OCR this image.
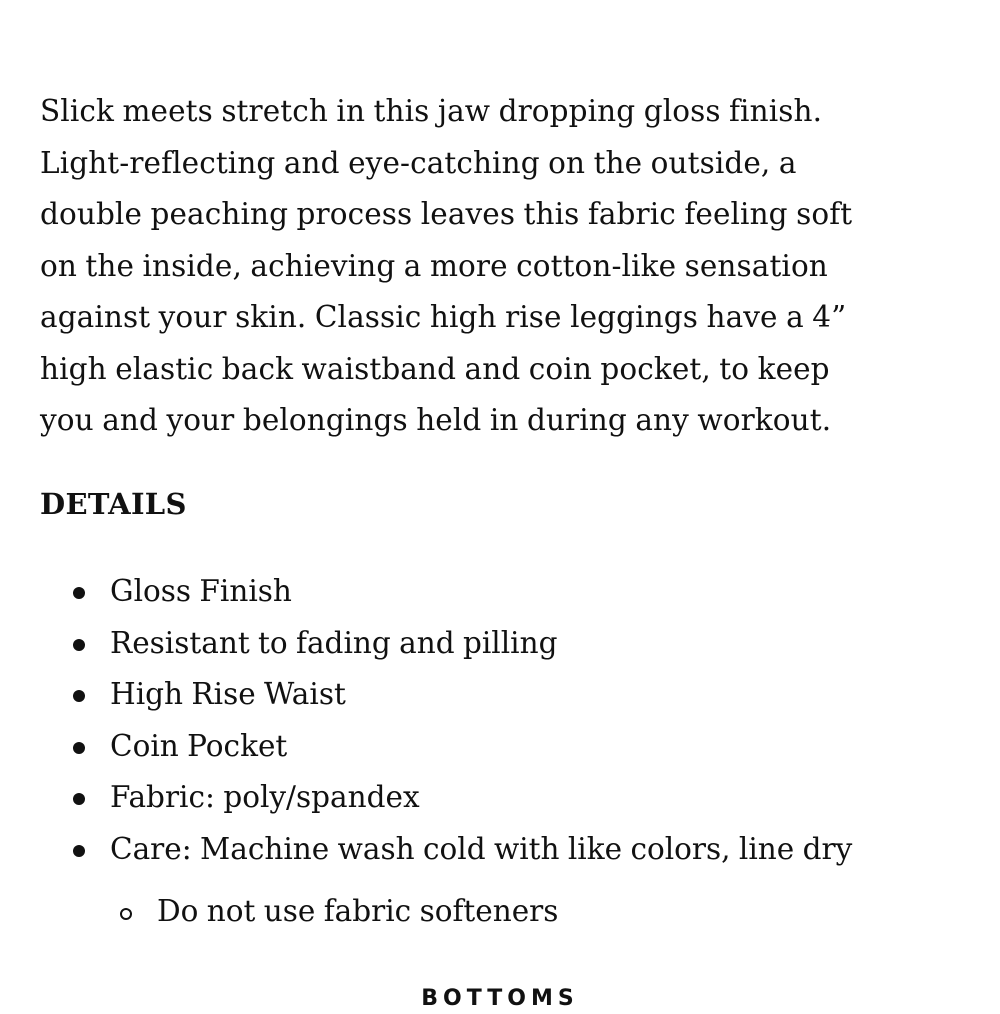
Slick meets stretch in this jaw dropping gloss finish.
Light-reflecting and eye-catching on the outside, a
double peaching process leaves this fabric feeling soft
on the inside, achieving a more cotton-like sensation
against your skin. Classic high rise leggings have a 4”
high elastic back waistband and coin pocket, to keep
you and your belongings held in during any workout.
DETAILS
Gloss Finish
Resistant to fading and pilling
High Rise Waist
Coin Pocket
Fabric: poly/spandex
Care: Machine wash cold with like colors, line dry
Do not use fabric softeners
BOTTOMS
